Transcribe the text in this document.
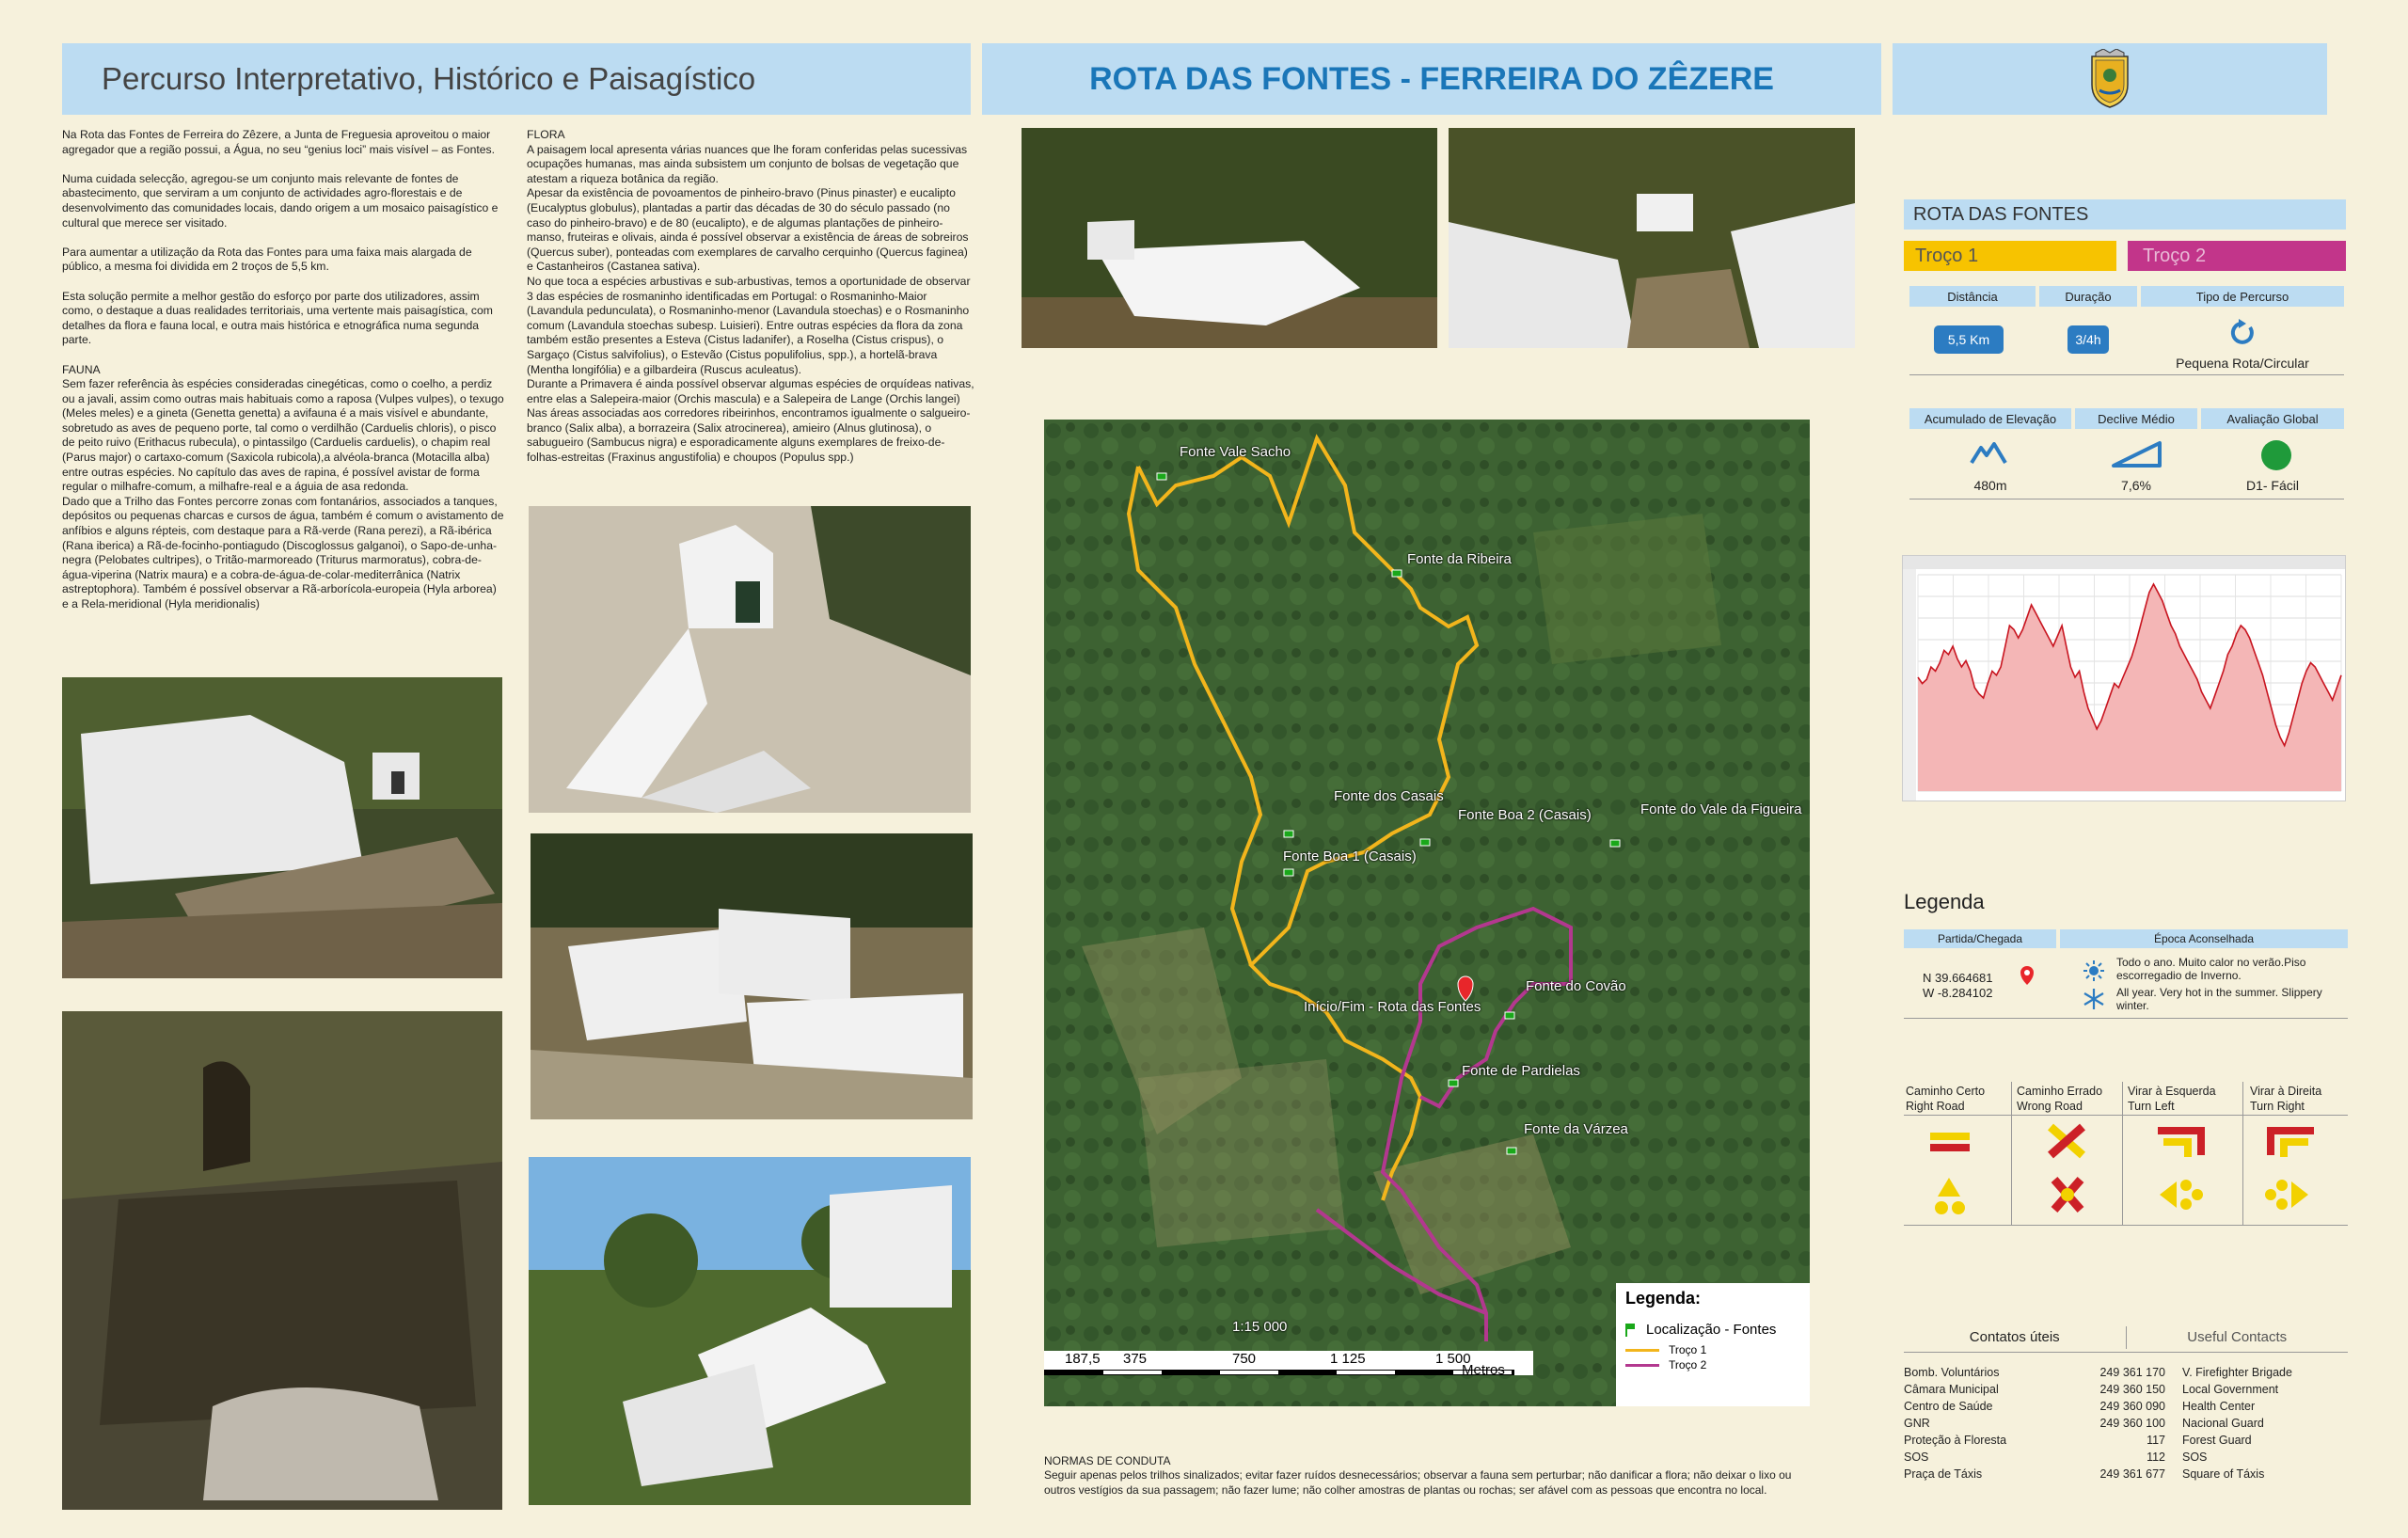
Percurso Interpretativo, Histórico e Paisagístico	ROTA DAS FONTES - FERREIRA DO ZÊZERE

Na Rota das Fontes de Ferreira do Zêzere, a Junta de Freguesia aproveitou o maior agregador que a região possui, a Água, no seu “genius loci” mais visível – as Fontes.

Numa cuidada selecção, agregou-se um conjunto mais relevante de fontes de abastecimento, que serviram a um conjunto de actividades agro-florestais e de desenvolvimento das comunidades locais, dando origem a um mosaico paisagístico e cultural que merece ser visitado.

Para aumentar a utilização da Rota das Fontes para uma faixa mais alargada de público, a mesma foi dividida em 2 troços de 5,5 km.

Esta solução permite a melhor gestão do esforço por parte dos utilizadores, assim como, o destaque a duas realidades territoriais, uma vertente mais paisagística, com detalhes da flora e fauna local, e outra mais histórica e etnográfica numa segunda parte.

FAUNA

Sem fazer referência às espécies consideradas cinegéticas, como o coelho, a perdiz ou a javali, assim como outras mais habituais como a raposa (Vulpes vulpes), o texugo (Meles meles) e a gineta (Genetta genetta) a avifauna é a mais visível e abundante, sobretudo as aves de pequeno porte, tal como o verdilhão (Carduelis chloris), o pisco de peito ruivo (Erithacus rubecula), o pintassilgo (Carduelis carduelis), o chapim real (Parus major) o cartaxo-comum (Saxicola rubicola),a alvéola-branca (Motacilla alba) entre outras espécies. No capítulo das aves de rapina, é possível avistar de forma regular o milhafre-comum, a milhafre-real e a águia de asa redonda.

Dado que a Trilho das Fontes percorre zonas com fontanários, associados a tanques, depósitos ou pequenas charcas e cursos de água, também é comum o avistamento de anfíbios e alguns répteis, com destaque para a Rã-verde (Rana perezi), a Rã-ibérica (Rana iberica) a Rã-de-focinho-pontiagudo (Discoglossus galganoi), o Sapo-de-unha-negra (Pelobates cultripes), o Tritão-marmoreado (Triturus marmoratus), cobra-de-água-viperina (Natrix maura) e a cobra-de-água-de-colar-mediterrânica (Natrix astreptophora). Também é possível observar a Rã-arborícola-europeia (Hyla arborea) e a Rela-meridional (Hyla meridionalis)

FLORA

A paisagem local apresenta várias nuances que lhe foram conferidas pelas sucessivas ocupações humanas, mas ainda subsistem um conjunto de bolsas de vegetação que atestam a riqueza botânica da região.

Apesar da existência de povoamentos de pinheiro-bravo (Pinus pinaster) e eucalipto (Eucalyptus globulus), plantadas a partir das décadas de 30 do século passado (no caso do pinheiro-bravo) e de 80 (eucalipto), e de algumas plantações de pinheiro-manso, fruteiras e olivais, ainda é possível observar a existência de áreas de sobreiros (Quercus suber), ponteadas com exemplares de carvalho cerquinho (Quercus faginea) e Castanheiros (Castanea sativa).

No que toca a espécies arbustivas e sub-arbustivas, temos a oportunidade de observar 3 das espécies de rosmaninho identificadas em Portugal: o Rosmaninho-Maior (Lavandula pedunculata), o Rosmaninho-menor (Lavandula stoechas) e o Rosmaninho comum (Lavandula stoechas subesp. Luisieri). Entre outras espécies da flora da zona também estão presentes a Esteva (Cistus ladanifer), a Roselha (Cistus crispus), o Sargaço (Cistus salvifolius), o Estevão (Cistus populifolius, spp.), a hortelã-brava (Mentha longifólia) e a gilbardeira (Ruscus aculeatus).

Durante a Primavera é ainda possível observar algumas espécies de orquídeas nativas, entre elas a Salepeira-maior (Orchis mascula) e a Salepeira de Lange (Orchis langei)

Nas áreas associadas aos corredores ribeirinhos, encontramos igualmente o salgueiro-branco (Salix alba), a borrazeira (Salix atrocinerea), amieiro (Alnus glutinosa), o sabugueiro (Sambucus nigra) e esporadicamente alguns exemplares de freixo-de-folhas-estreitas (Fraxinus angustifolia) e choupos (Populus spp.)	Fonte Vale Sacho
Fonte da Ribeira
Fonte dos Casais
Fonte Boa 2 (Casais)	Fonte do Vale da Figueira
Fonte Boa 1 (Casais)
Fonte do Covão
Início/Fim - Rota das Fontes
Fonte de Pardielas
Fonte da Várzea
1:15 000
187,5 375	750	1 125	1 500
Metros
Legenda:
Localização - Fontes
Troço 1
Troço 2
NORMAS DE CONDUTA
Seguir apenas pelos trilhos sinalizados; evitar fazer ruídos desnecessários; observar a fauna sem perturbar; não danificar a flora; não deixar o lixo ou outros vestígios da sua passagem; não fazer lume; não colher amostras de plantas ou rochas; ser afável com as pessoas que encontra no local.
ROTA DAS FONTES
Troço 1	Troço 2
Distância	Duração	Tipo de Percurso
5,5 Km	3/4h
Pequena Rota/Circular
Acumulado de Elevação	Declive Médio	Avaliação Global
480m	7,6%	D1- Fácil
Legenda
Partida/Chegada	Época Aconselhada
N 39.664681
W -8.284102
Todo o ano. Muito calor no verão.Piso escorregadio de Inverno.
All year. Very hot in the summer. Slippery winter.
Caminho Certo
Right Road
Caminho Errado
Wrong Road
Virar à Esquerda
Turn Left
Virar à Direita
Turn Right
Contatos úteis	Useful Contacts
Bomb. Voluntários	249 361 170	V. Firefighter Brigade
Câmara Municipal	249 360 150	Local Government
Centro de Saúde	249 360 090	Health Center
GNR	249 360 100	Nacional Guard
Proteção à Floresta	117	Forest Guard
SOS	112	SOS
Praça de Táxis	249 361 677	Square of Táxis
